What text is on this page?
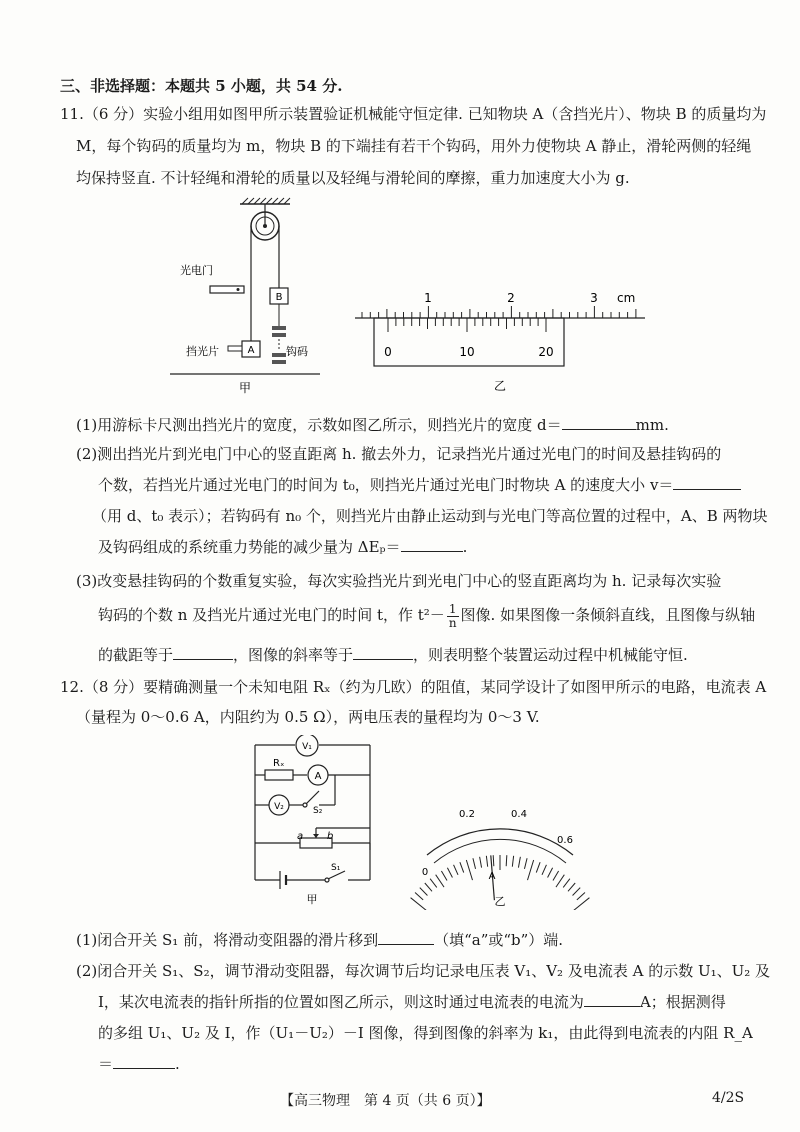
三、非选择题：本题共 5 小题，共 54 分.
11.（6 分）实验小组用如图甲所示装置验证机械能守恒定律. 已知物块 A（含挡光片）、物块 B 的质量均为
M，每个钩码的质量均为 m，物块 B 的下端挂有若干个钩码，用外力使物块 A 静止，滑轮两侧的轻绳
均保持竖直. 不计轻绳和滑轮的质量以及轻绳与滑轮间的摩擦，重力加速度大小为 g.
B
A
光电门
挡光片	钩码
甲
1	2	3 cm
0	10	20
乙
(1)用游标卡尺测出挡光片的宽度，示数如图乙所示，则挡光片的宽度 d＝	mm.
(2)测出挡光片到光电门中心的竖直距离 h. 撤去外力，记录挡光片通过光电门的时间及悬挂钩码的
个数，若挡光片通过光电门的时间为 t₀，则挡光片通过光电门时物块 A 的速度大小 v＝
（用 d、t₀ 表示）；若钩码有 n₀ 个，则挡光片由静止运动到与光电门等高位置的过程中，A、B 两物块
及钩码组成的系统重力势能的减少量为 ΔEₚ＝	.
(3)改变悬挂钩码的个数重复实验，每次实验挡光片到光电门中心的竖直距离均为 h. 记录每次实验
钩码的个数 n 及挡光片通过光电门的时间 t，作 $t^2- \frac{1}{n}$ 图像. 如果图像一条倾斜直线，且图像与纵轴
的截距等于	，图像的斜率等于	，则表明整个装置运动过程中机械能守恒.
12.（8 分）要精确测量一个未知电阻 Rₓ（约为几欧）的阻值，某同学设计了如图甲所示的电路，电流表 A
（量程为 0～0.6 A，内阻约为 0.5 Ω），两电压表的量程均为 0～3 V.
V₁
A
V₂
Rₓ
S₂
a b
S₁
甲
0
0.2	0.4
0.6
A
乙
(1)闭合开关 S₁ 前，将滑动变阻器的滑片移到	（填“a”或“b”）端.
(2)闭合开关 S₁、S₂，调节滑动变阻器，每次调节后均记录电压表 V₁、V₂ 及电流表 A 的示数 U₁、U₂ 及
I，某次电流表的指针所指的位置如图乙所示，则这时通过电流表的电流为	A；根据测得
的多组 U₁、U₂ 及 I，作（U₁－U₂）－I 图像，得到图像的斜率为 k₁，由此得到电流表的内阻 R_A
＝	.
【高三物理　第 4 页（共 6 页）】	4/2S
